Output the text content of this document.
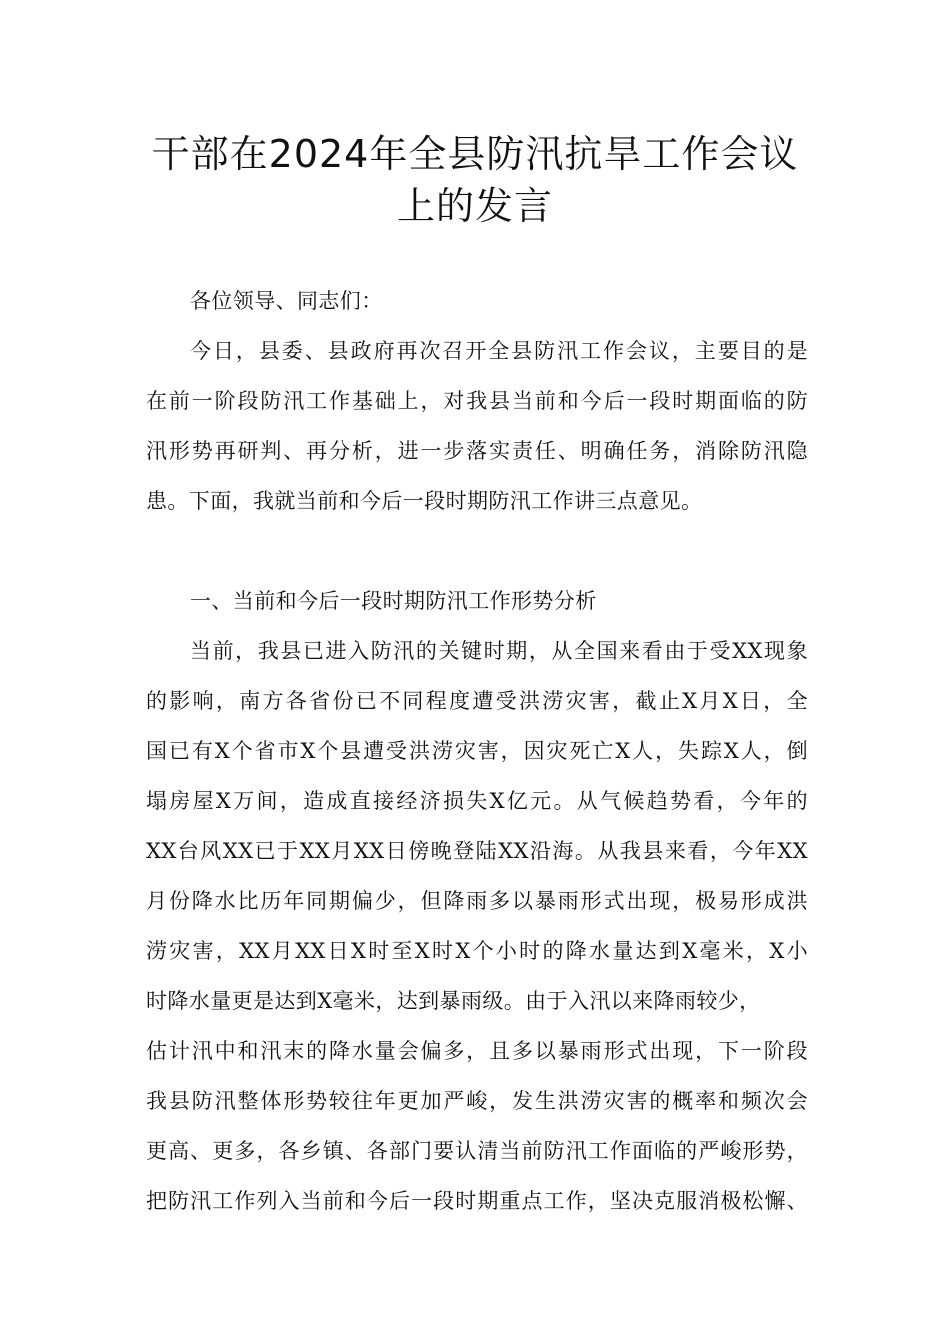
干部在2024年全县防汛抗旱工作会议
上的发言
各位领导、同志们：
今日，县委、县政府再次召开全县防汛工作会议，主要目的是
在前一阶段防汛工作基础上，对我县当前和今后一段时期面临的防
汛形势再研判、再分析，进一步落实责任、明确任务，消除防汛隐
患。下面，我就当前和今后一段时期防汛工作讲三点意见。
一、当前和今后一段时期防汛工作形势分析
当前，我县已进入防汛的关键时期，从全国来看由于受XX现象
的影响，南方各省份已不同程度遭受洪涝灾害，截止X月X日，全
国已有X个省市X个县遭受洪涝灾害，因灾死亡X人，失踪X人，倒
塌房屋X万间，造成直接经济损失X亿元。从气候趋势看，今年的
XX台风XX已于XX月XX日傍晚登陆XX沿海。从我县来看，今年XX
月份降水比历年同期偏少，但降雨多以暴雨形式出现，极易形成洪
涝灾害，XX月XX日X时至X时X个小时的降水量达到X毫米，X小
时降水量更是达到X毫米，达到暴雨级。由于入汛以来降雨较少，
估计汛中和汛末的降水量会偏多，且多以暴雨形式出现，下一阶段
我县防汛整体形势较往年更加严峻，发生洪涝灾害的概率和频次会
更高、更多，各乡镇、各部门要认清当前防汛工作面临的严峻形势，
把防汛工作列入当前和今后一段时期重点工作，坚决克服消极松懈、
